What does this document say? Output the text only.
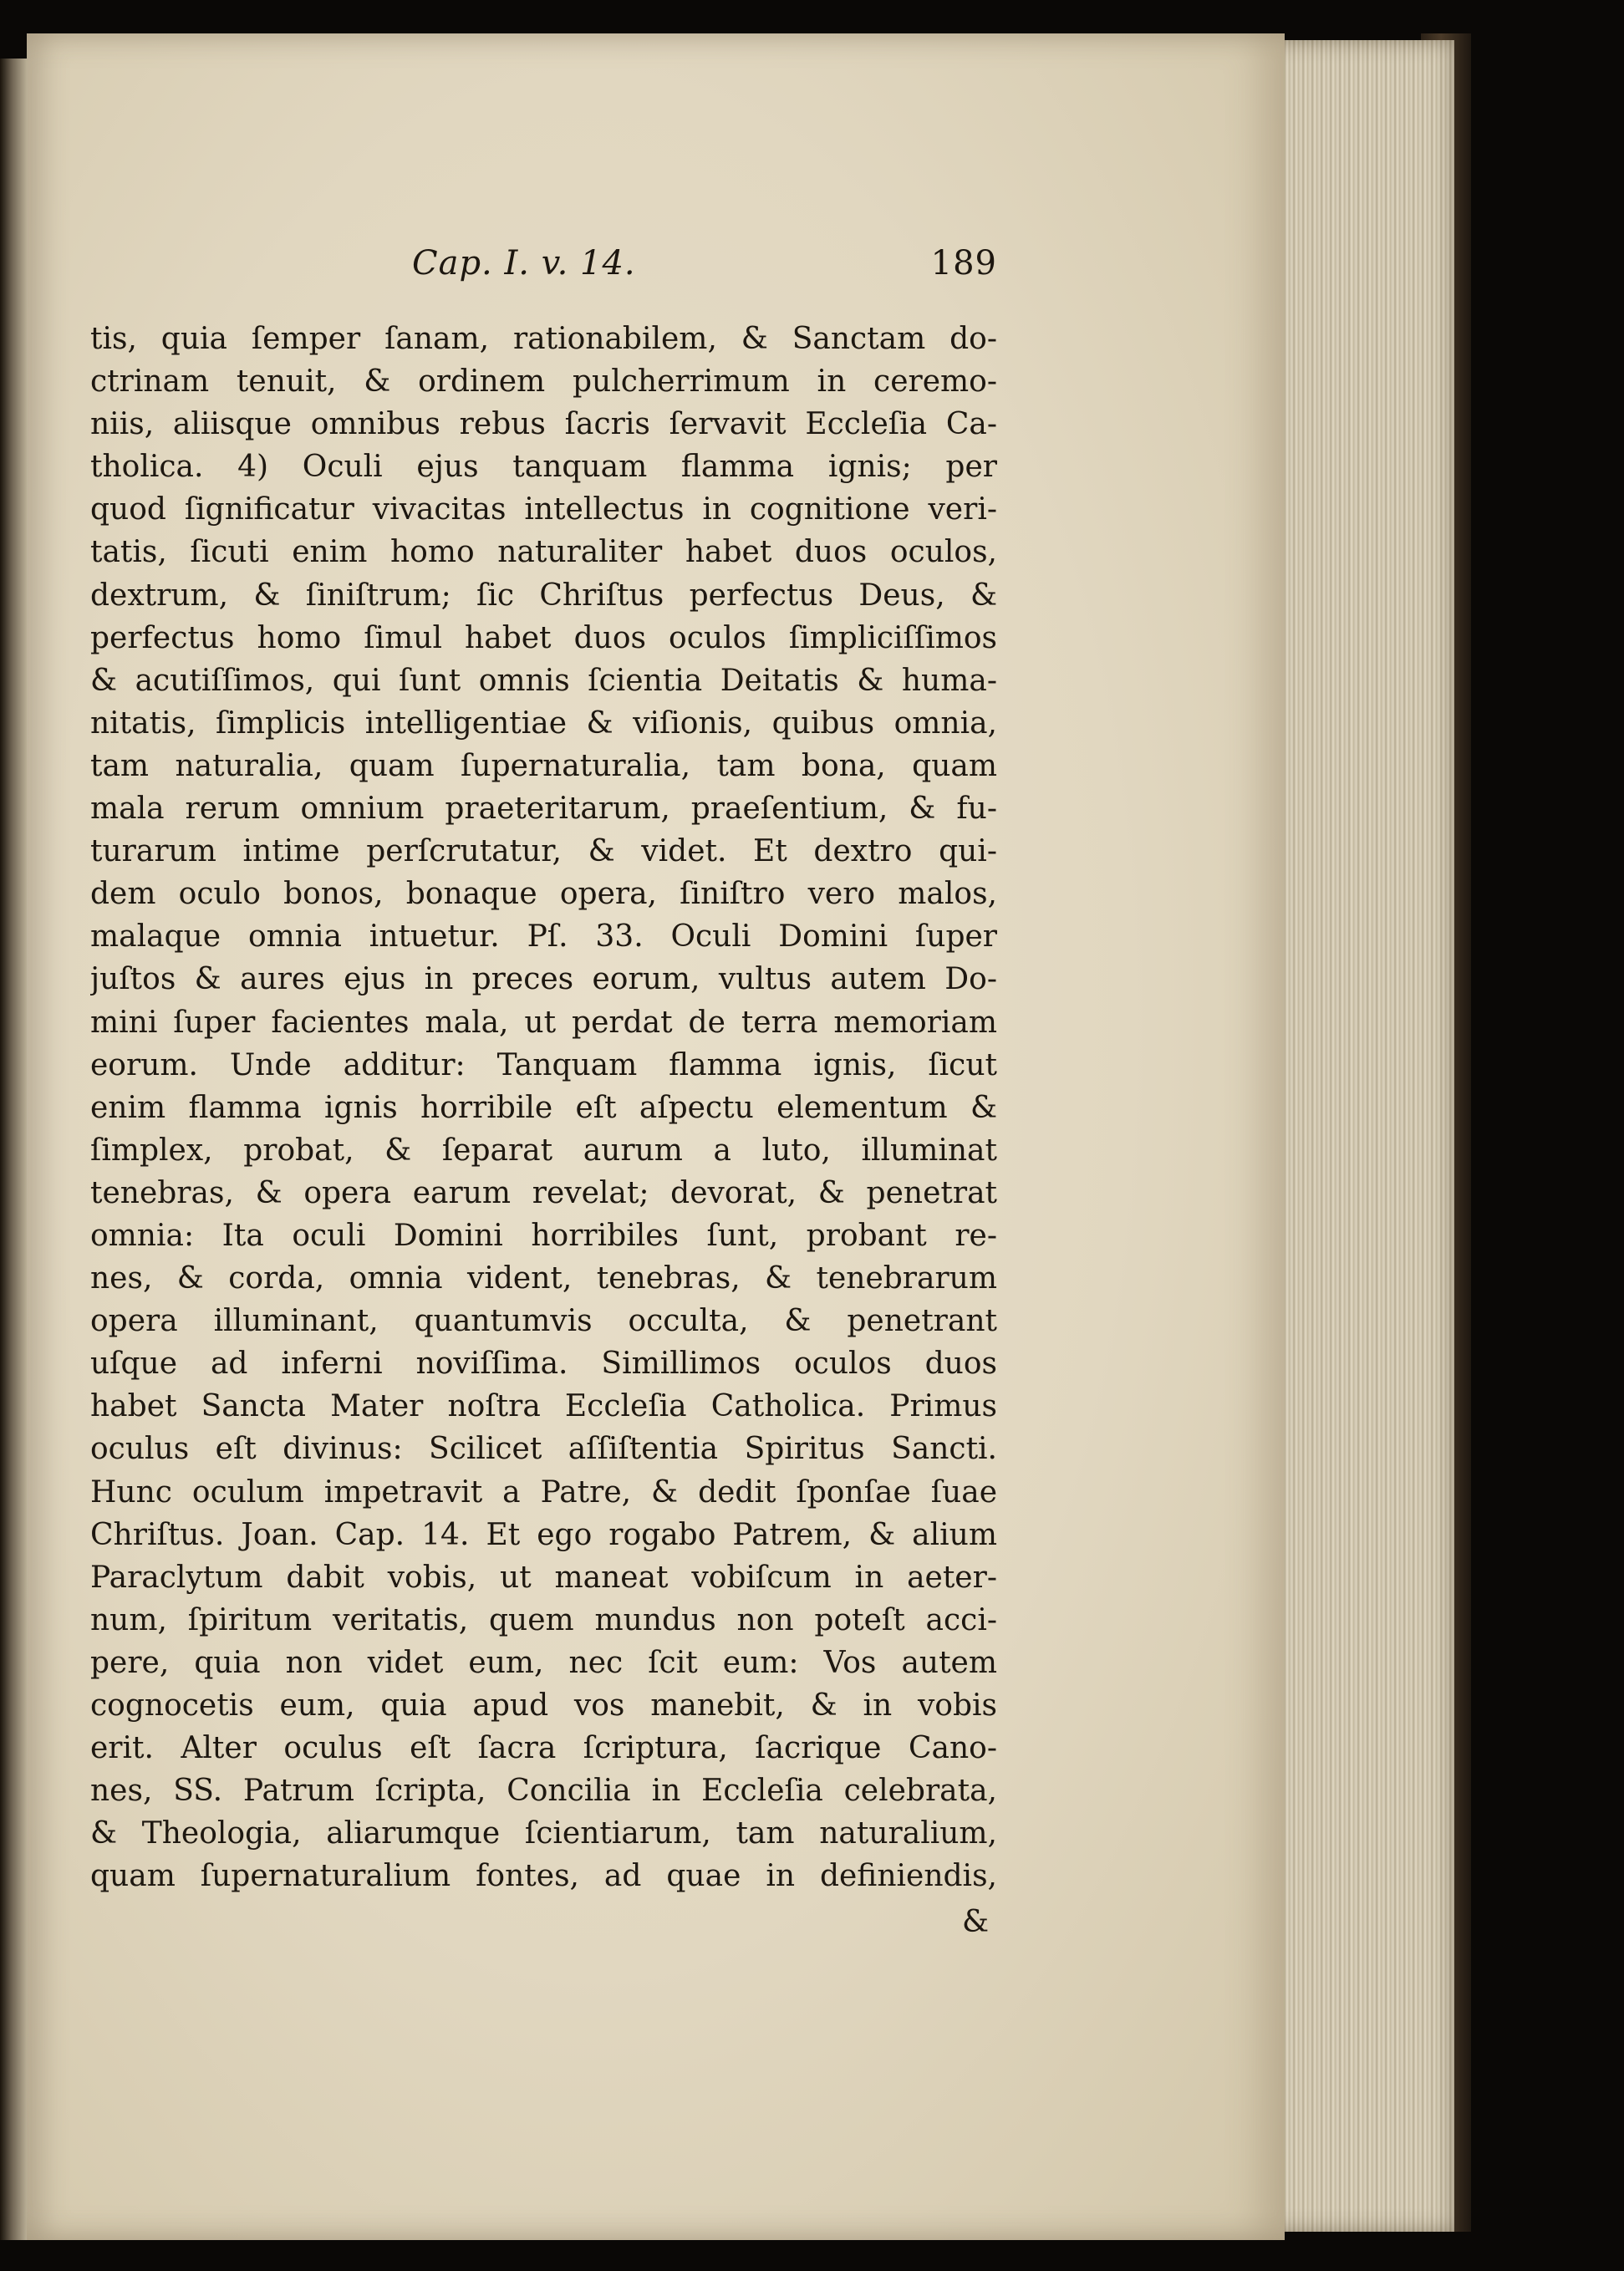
Cap. I. v. 14.	189
tis, quia ſemper ſanam, rationabilem, & Sanctam do-
ctrinam tenuit, & ordinem pulcherrimum in ceremo-
niis, aliisque omnibus rebus ſacris ſervavit Eccleſia Ca-
tholica. 4) Oculi ejus tanquam flamma ignis; per
quod ſignificatur vivacitas intellectus in cognitione veri-
tatis, ſicuti enim homo naturaliter habet duos oculos,
dextrum, & ſiniſtrum; ſic Chriſtus perfectus Deus, &
perfectus homo ſimul habet duos oculos ſimpliciſſimos
& acutiſſimos, qui ſunt omnis ſcientia Deitatis & huma-
nitatis, ſimplicis intelligentiae & viſionis, quibus omnia,
tam naturalia, quam ſupernaturalia, tam bona, quam
mala rerum omnium praeteritarum, praeſentium, & fu-
turarum intime perſcrutatur, & videt. Et dextro qui-
dem oculo bonos, bonaque opera, ſiniſtro vero malos,
malaque omnia intuetur. Pſ. 33. Oculi Domini ſuper
juſtos & aures ejus in preces eorum, vultus autem Do-
mini ſuper facientes mala, ut perdat de terra memoriam
eorum. Unde additur: Tanquam flamma ignis, ſicut
enim flamma ignis horribile eſt aſpectu elementum &
ſimplex, probat, & ſeparat aurum a luto, illuminat
tenebras, & opera earum revelat; devorat, & penetrat
omnia: Ita oculi Domini horribiles ſunt, probant re-
nes, & corda, omnia vident, tenebras, & tenebrarum
opera illuminant, quantumvis occulta, & penetrant
uſque ad inferni noviſſima. Simillimos oculos duos
habet Sancta Mater noſtra Eccleſia Catholica. Primus
oculus eſt divinus: Scilicet aſſiſtentia Spiritus Sancti.
Hunc oculum impetravit a Patre, & dedit ſponſae ſuae
Chriſtus. Joan. Cap. 14. Et ego rogabo Patrem, & alium
Paraclytum dabit vobis, ut maneat vobiſcum in aeter-
num, ſpiritum veritatis, quem mundus non poteſt acci-
pere, quia non videt eum, nec ſcit eum: Vos autem
cognocetis eum, quia apud vos manebit, & in vobis
erit. Alter oculus eſt ſacra ſcriptura, ſacrique Cano-
nes, SS. Patrum ſcripta, Concilia in Eccleſia celebrata,
& Theologia, aliarumque ſcientiarum, tam naturalium,
quam ſupernaturalium fontes, ad quae in definiendis,
&
